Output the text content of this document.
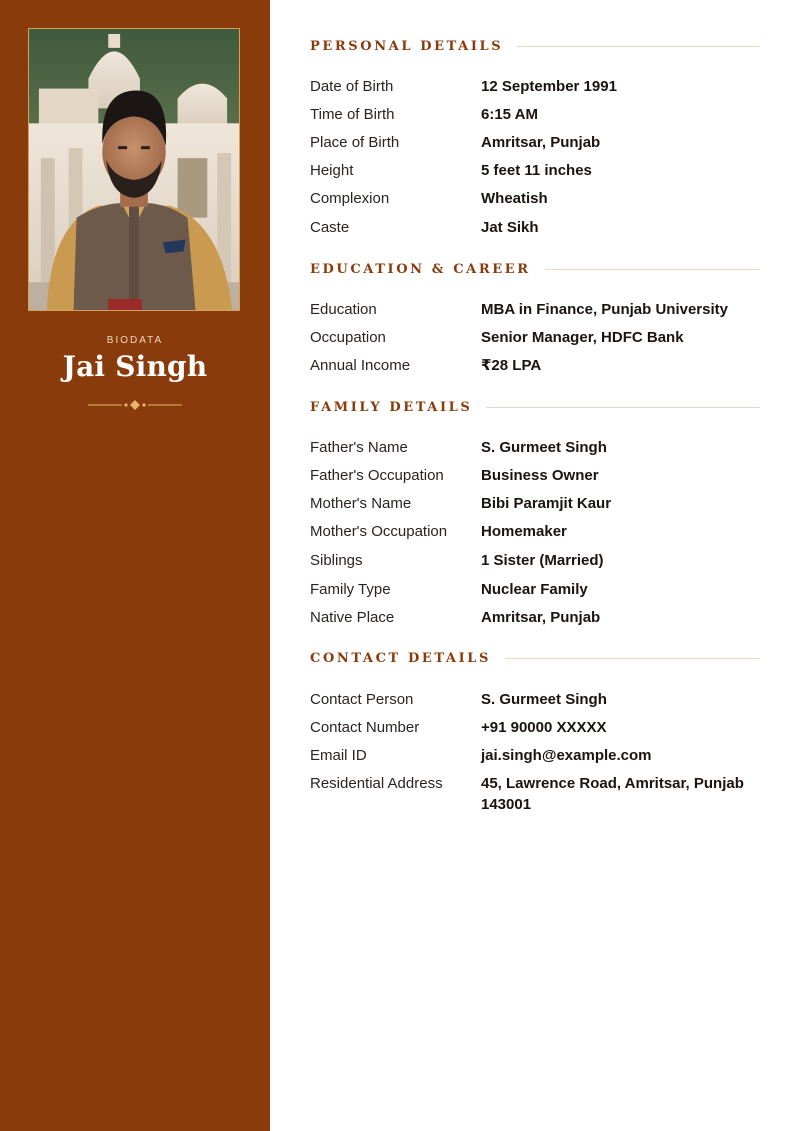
BIODATA
Jai Singh
PERSONAL DETAILS
Date of Birth	12 September 1991
Time of Birth	6:15 AM
Place of Birth	Amritsar, Punjab
Height	5 feet 11 inches
Complexion	Wheatish
Caste	Jat Sikh
EDUCATION & CAREER
Education	MBA in Finance, Punjab University
Occupation	Senior Manager, HDFC Bank
Annual Income	₹28 LPA
FAMILY DETAILS
Father's Name	S. Gurmeet Singh
Father's Occupation	Business Owner
Mother's Name	Bibi Paramjit Kaur
Mother's Occupation	Homemaker
Siblings	1 Sister (Married)
Family Type	Nuclear Family
Native Place	Amritsar, Punjab
CONTACT DETAILS
Contact Person	S. Gurmeet Singh
Contact Number	+91 90000 XXXXX
Email ID	jai.singh@example.com
Residential Address	45, Lawrence Road, Amritsar, Punjab 143001
